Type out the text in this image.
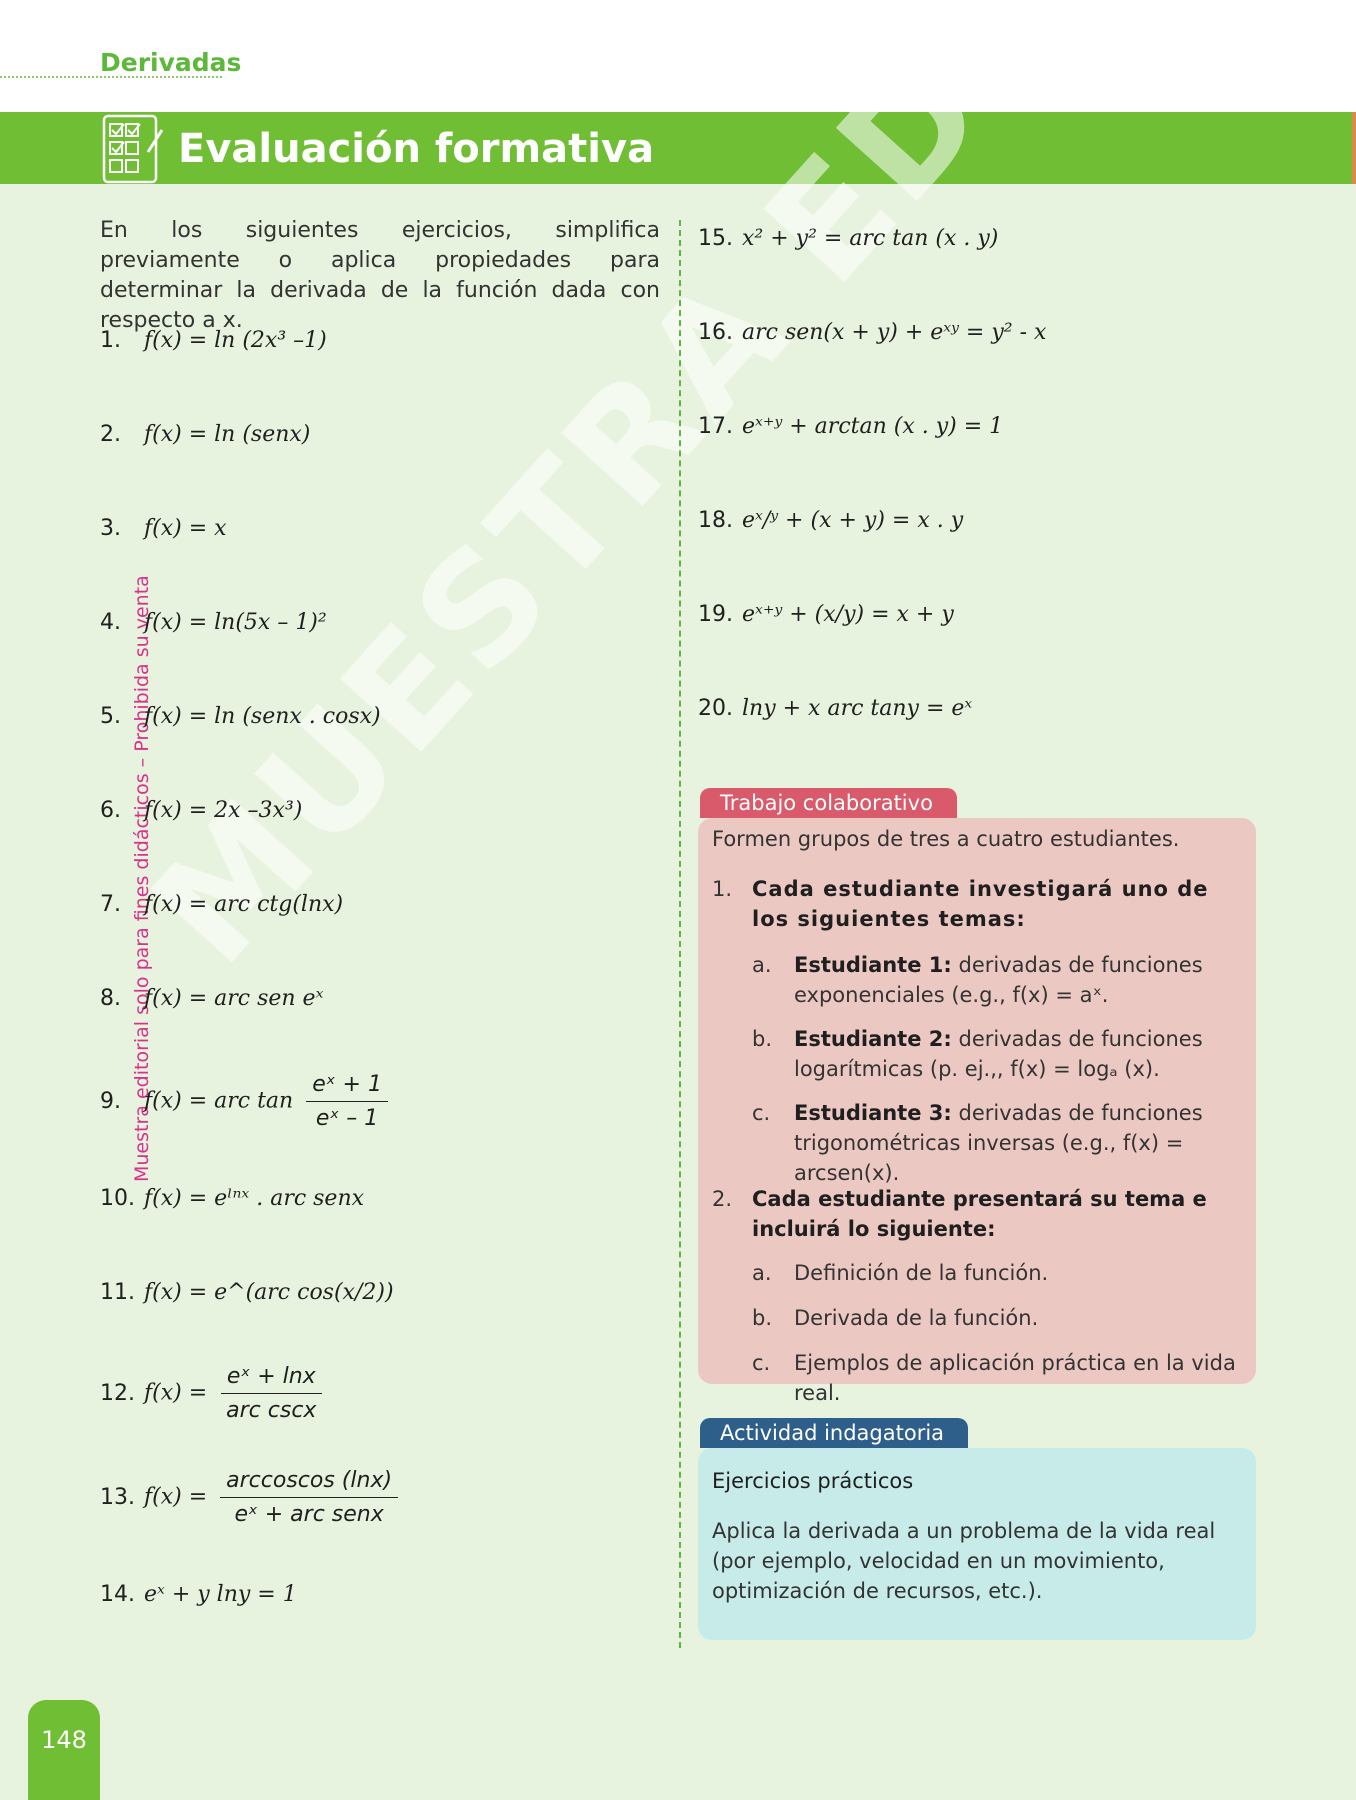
Derivadas
Evaluación formativa
Muestra editorial solo para fines didácticos – Prohibida su venta
En los siguientes ejercicios, simplifica previamente o aplica propiedades para determinar la derivada de la función dada con respecto a x.
1. f(x) = ln (2x³ –1)
2. f(x) = ln (senx)
3. f(x) = x
4. f(x) = ln(5x – 1)²
5. f(x) = ln (senx . cosx)
6. f(x) = 2x –3x³)
7. f(x) = arc ctg(lnx)
8. f(x) = arc sen eˣ
9. f(x) = arc $\tan \frac{\text{eˣ + 1}}{\text{eˣ – 1}}$
10. f(x) = eˡⁿˣ . arc senx
11. f(x) = e^(arc cos(x/2))
12. $f(x) = \frac{\text{eˣ + lnx}}{\text{arc cscx}}$
13. $f(x) = \frac{\text{arccoscos (lnx)}}{\text{eˣ + arc senx}}$
14. eˣ + y lny = 1
15. x² + y² = arc tan (x . y)
16. arc sen(x + y) + eˣʸ = y² - x
17. eˣ⁺ʸ + arctan (x . y) = 1
18. eˣ/ʸ + (x + y) = x . y
19. eˣ⁺ʸ + (x/y) = x + y
20. lny + x arc tany = eˣ
Trabajo colaborativo
Formen grupos de tres a cuatro estudiantes.
1. Cada estudiante investigará uno de los siguientes temas:
a. Estudiante 1: derivadas de funciones exponenciales (e.g., f(x) = aˣ.
b. Estudiante 2: derivadas de funciones logarítmicas (p. ej.,, f(x) = logₐ (x).
c. Estudiante 3: derivadas de funciones trigonométricas inversas (e.g., f(x) = arcsen(x).
2. Cada estudiante presentará su tema e incluirá lo siguiente:
a. Definición de la función.
b. Derivada de la función.
c. Ejemplos de aplicación práctica en la vida real.
Actividad indagatoria
Ejercicios prácticos
Aplica la derivada a un problema de la vida real (por ejemplo, velocidad en un movimiento, optimización de recursos, etc.).
148
